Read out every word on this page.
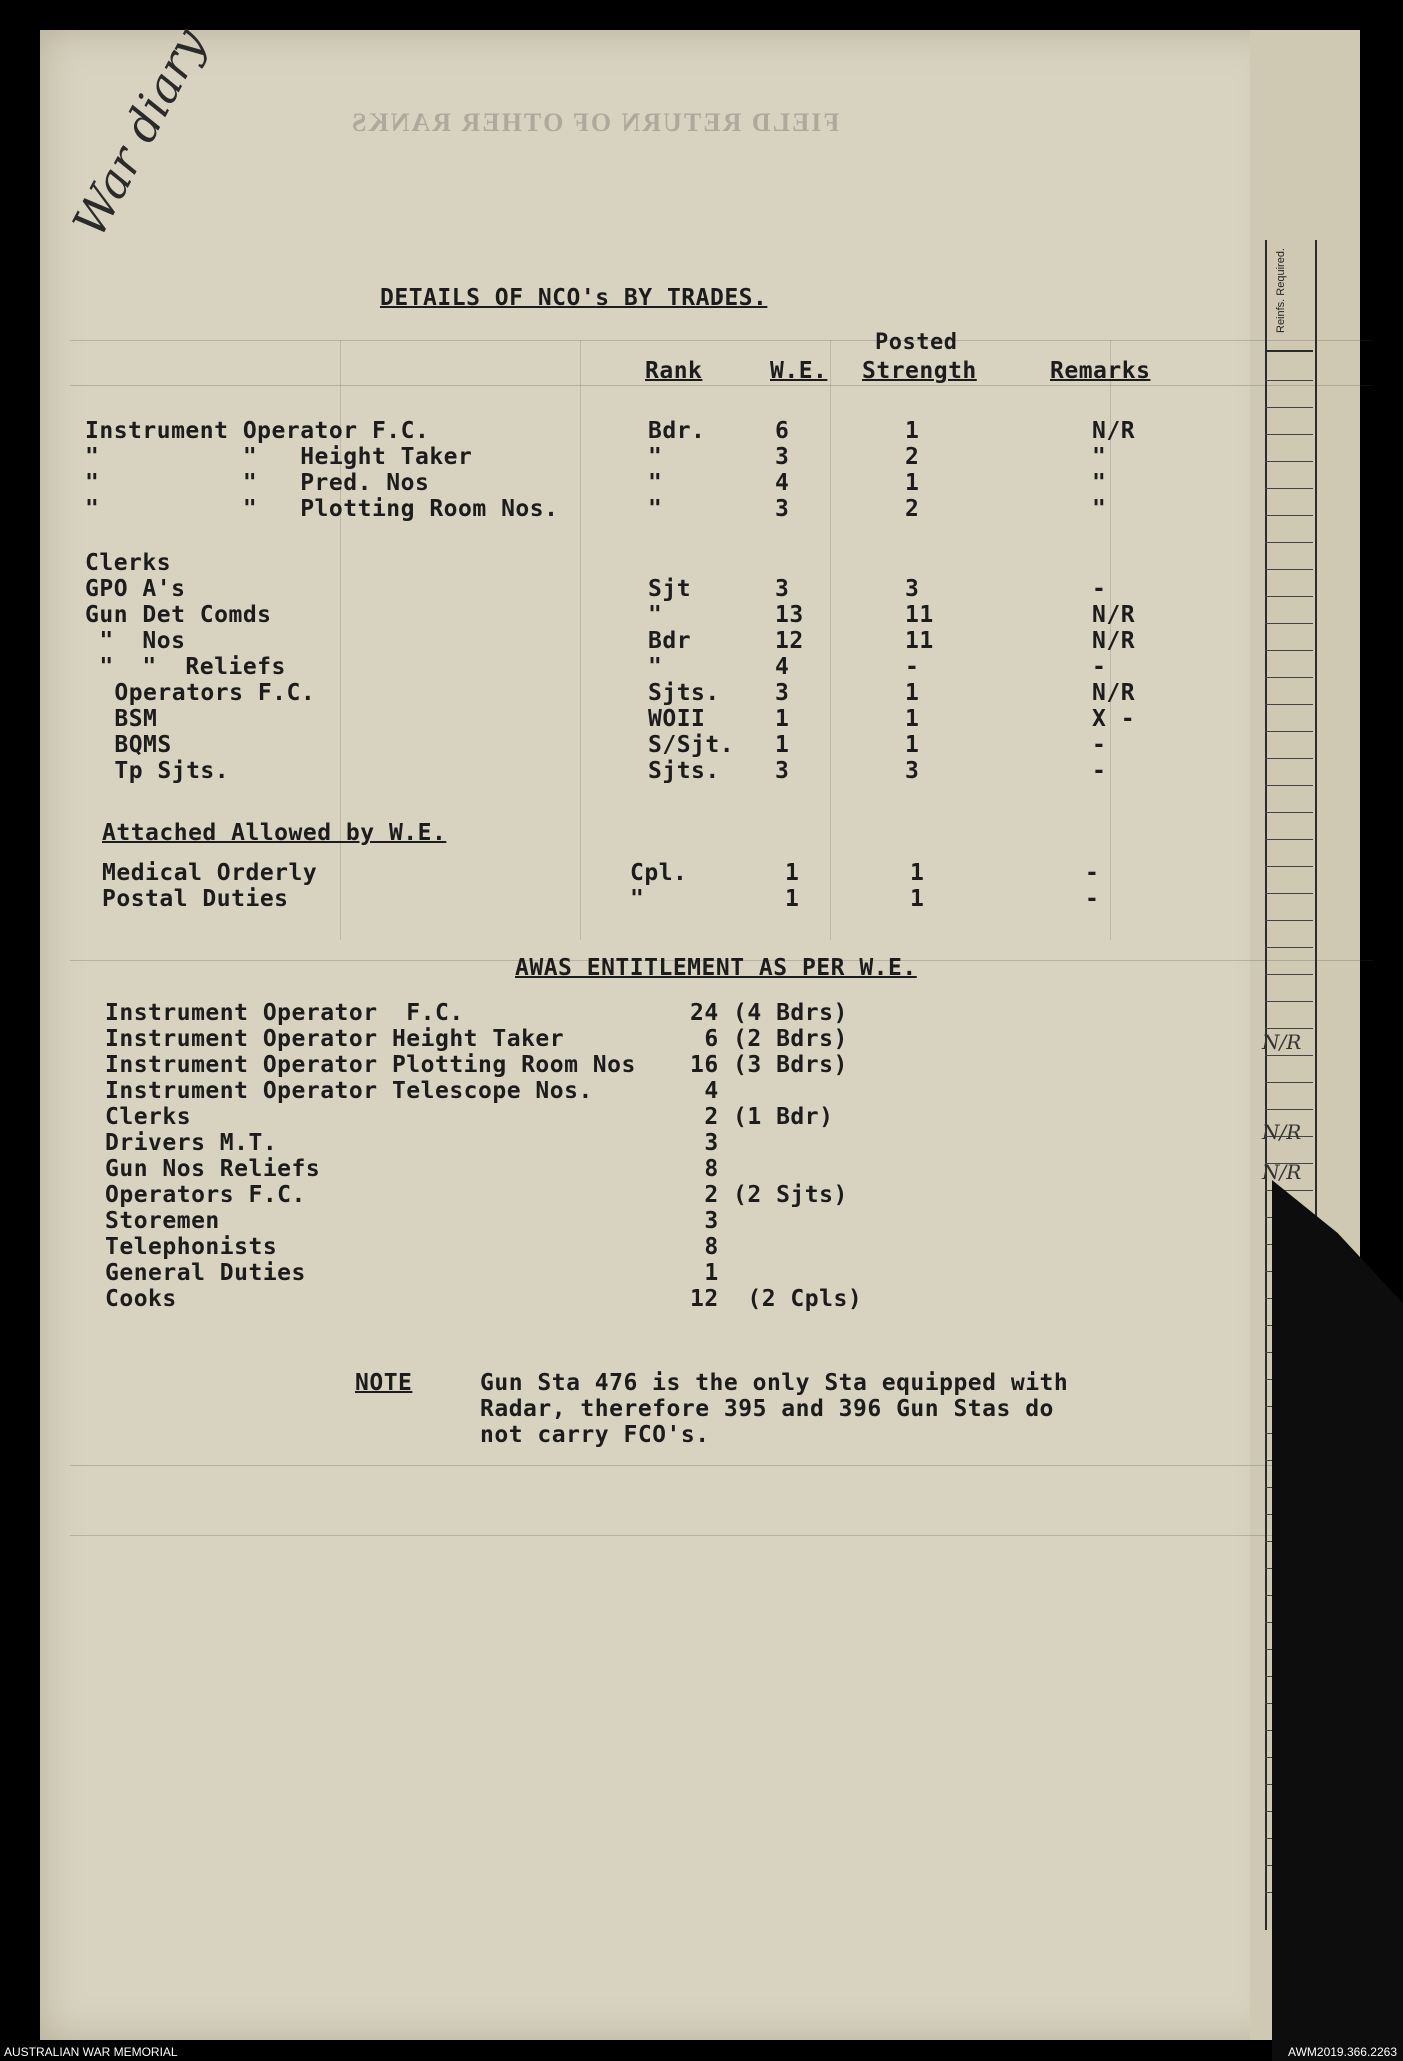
FIELD RETURN OF OTHER RANKS
Reinfs. Required.
War diary
N/R
N/R
N/R
DETAILS OF NCO's BY TRADES.
Posted
Rank	W.E. Strength	Remarks
Instrument Operator F.C.	Bdr.	6	1	N/R
"          "   Height Taker	"	3	2	"
"          "   Pred. Nos	"	4	1	"
"          "   Plotting Room Nos.	"	3	2	"
Clerks
GPO A's	Sjt	3	3	-
Gun Det Comds	"	13	11	N/R
"  Nos	Bdr	12	11	N/R
"  "  Reliefs	"	4	-	-
Operators F.C.	Sjts. 3	1	N/R
BSM	WOII	1	1	X -
BQMS	S/Sjt. 1	1	-
Tp Sjts.	Sjts. 3	3	-
Attached Allowed by W.E.
Medical Orderly	Cpl.	1	1	-
Postal Duties	"	1	1	-
AWAS ENTITLEMENT AS PER W.E.
Instrument Operator  F.C.	24 (4 Bdrs)
Instrument Operator Height Taker	6 (2 Bdrs)
Instrument Operator Plotting Room Nos 16 (3 Bdrs)
Instrument Operator Telescope Nos.	4
Clerks	2 (1 Bdr)
Drivers M.T.	3
Gun Nos Reliefs	8
Operators F.C.	2 (2 Sjts)
Storemen	3
Telephonists	8
General Duties	1
Cooks	12  (2 Cpls)
NOTE	Gun Sta 476 is the only Sta equipped with
Radar, therefore 395 and 396 Gun Stas do
not carry FCO's.
AUSTRALIAN WAR MEMORIAL	AWM2019.366.2263
